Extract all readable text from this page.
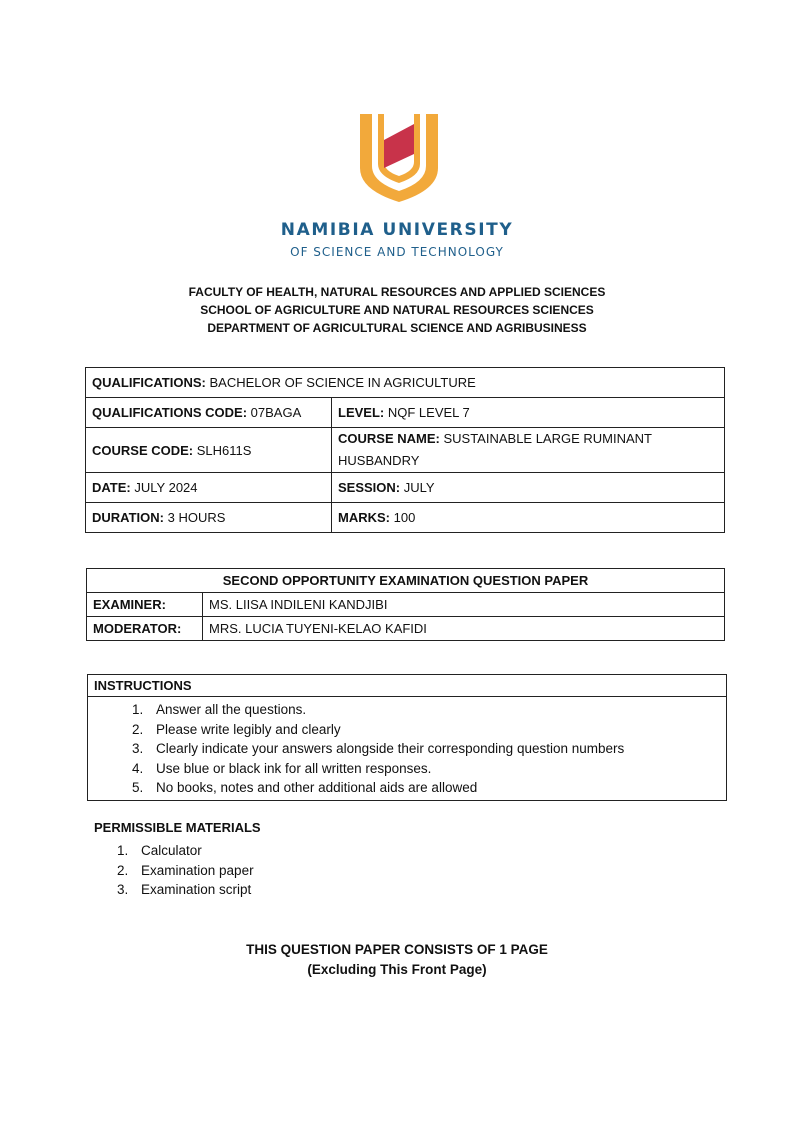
NAMIBIA UNIVERSITY
OF SCIENCE AND TECHNOLOGY
FACULTY OF HEALTH, NATURAL RESOURCES AND APPLIED SCIENCES
SCHOOL OF AGRICULTURE AND NATURAL RESOURCES SCIENCES
DEPARTMENT OF AGRICULTURAL SCIENCE AND AGRIBUSINESS
QUALIFICATIONS: BACHELOR OF SCIENCE IN AGRICULTURE	
QUALIFICATIONS CODE: 07BAGA	LEVEL: NQF LEVEL 7
COURSE CODE: SLH611S	COURSE NAME: SUSTAINABLE LARGE RUMINANT
HUSBANDRY
DATE: JULY 2024	SESSION: JULY
DURATION: 3 HOURS	MARKS: 100
SECOND OPPORTUNITY EXAMINATION QUESTION PAPER	
EXAMINER:	MS. LIISA INDILENI KANDJIBI
MODERATOR:	MRS. LUCIA TUYENI-KELAO KAFIDI
INSTRUCTIONS
1. Answer all the questions.
2. Please write legibly and clearly
3. Clearly indicate your answers alongside their corresponding question numbers
4. Use blue or black ink for all written responses.
5. No books, notes and other additional aids are allowed
PERMISSIBLE MATERIALS
1. Calculator
2. Examination paper
3. Examination script
THIS QUESTION PAPER CONSISTS OF 1 PAGE
(Excluding This Front Page)
